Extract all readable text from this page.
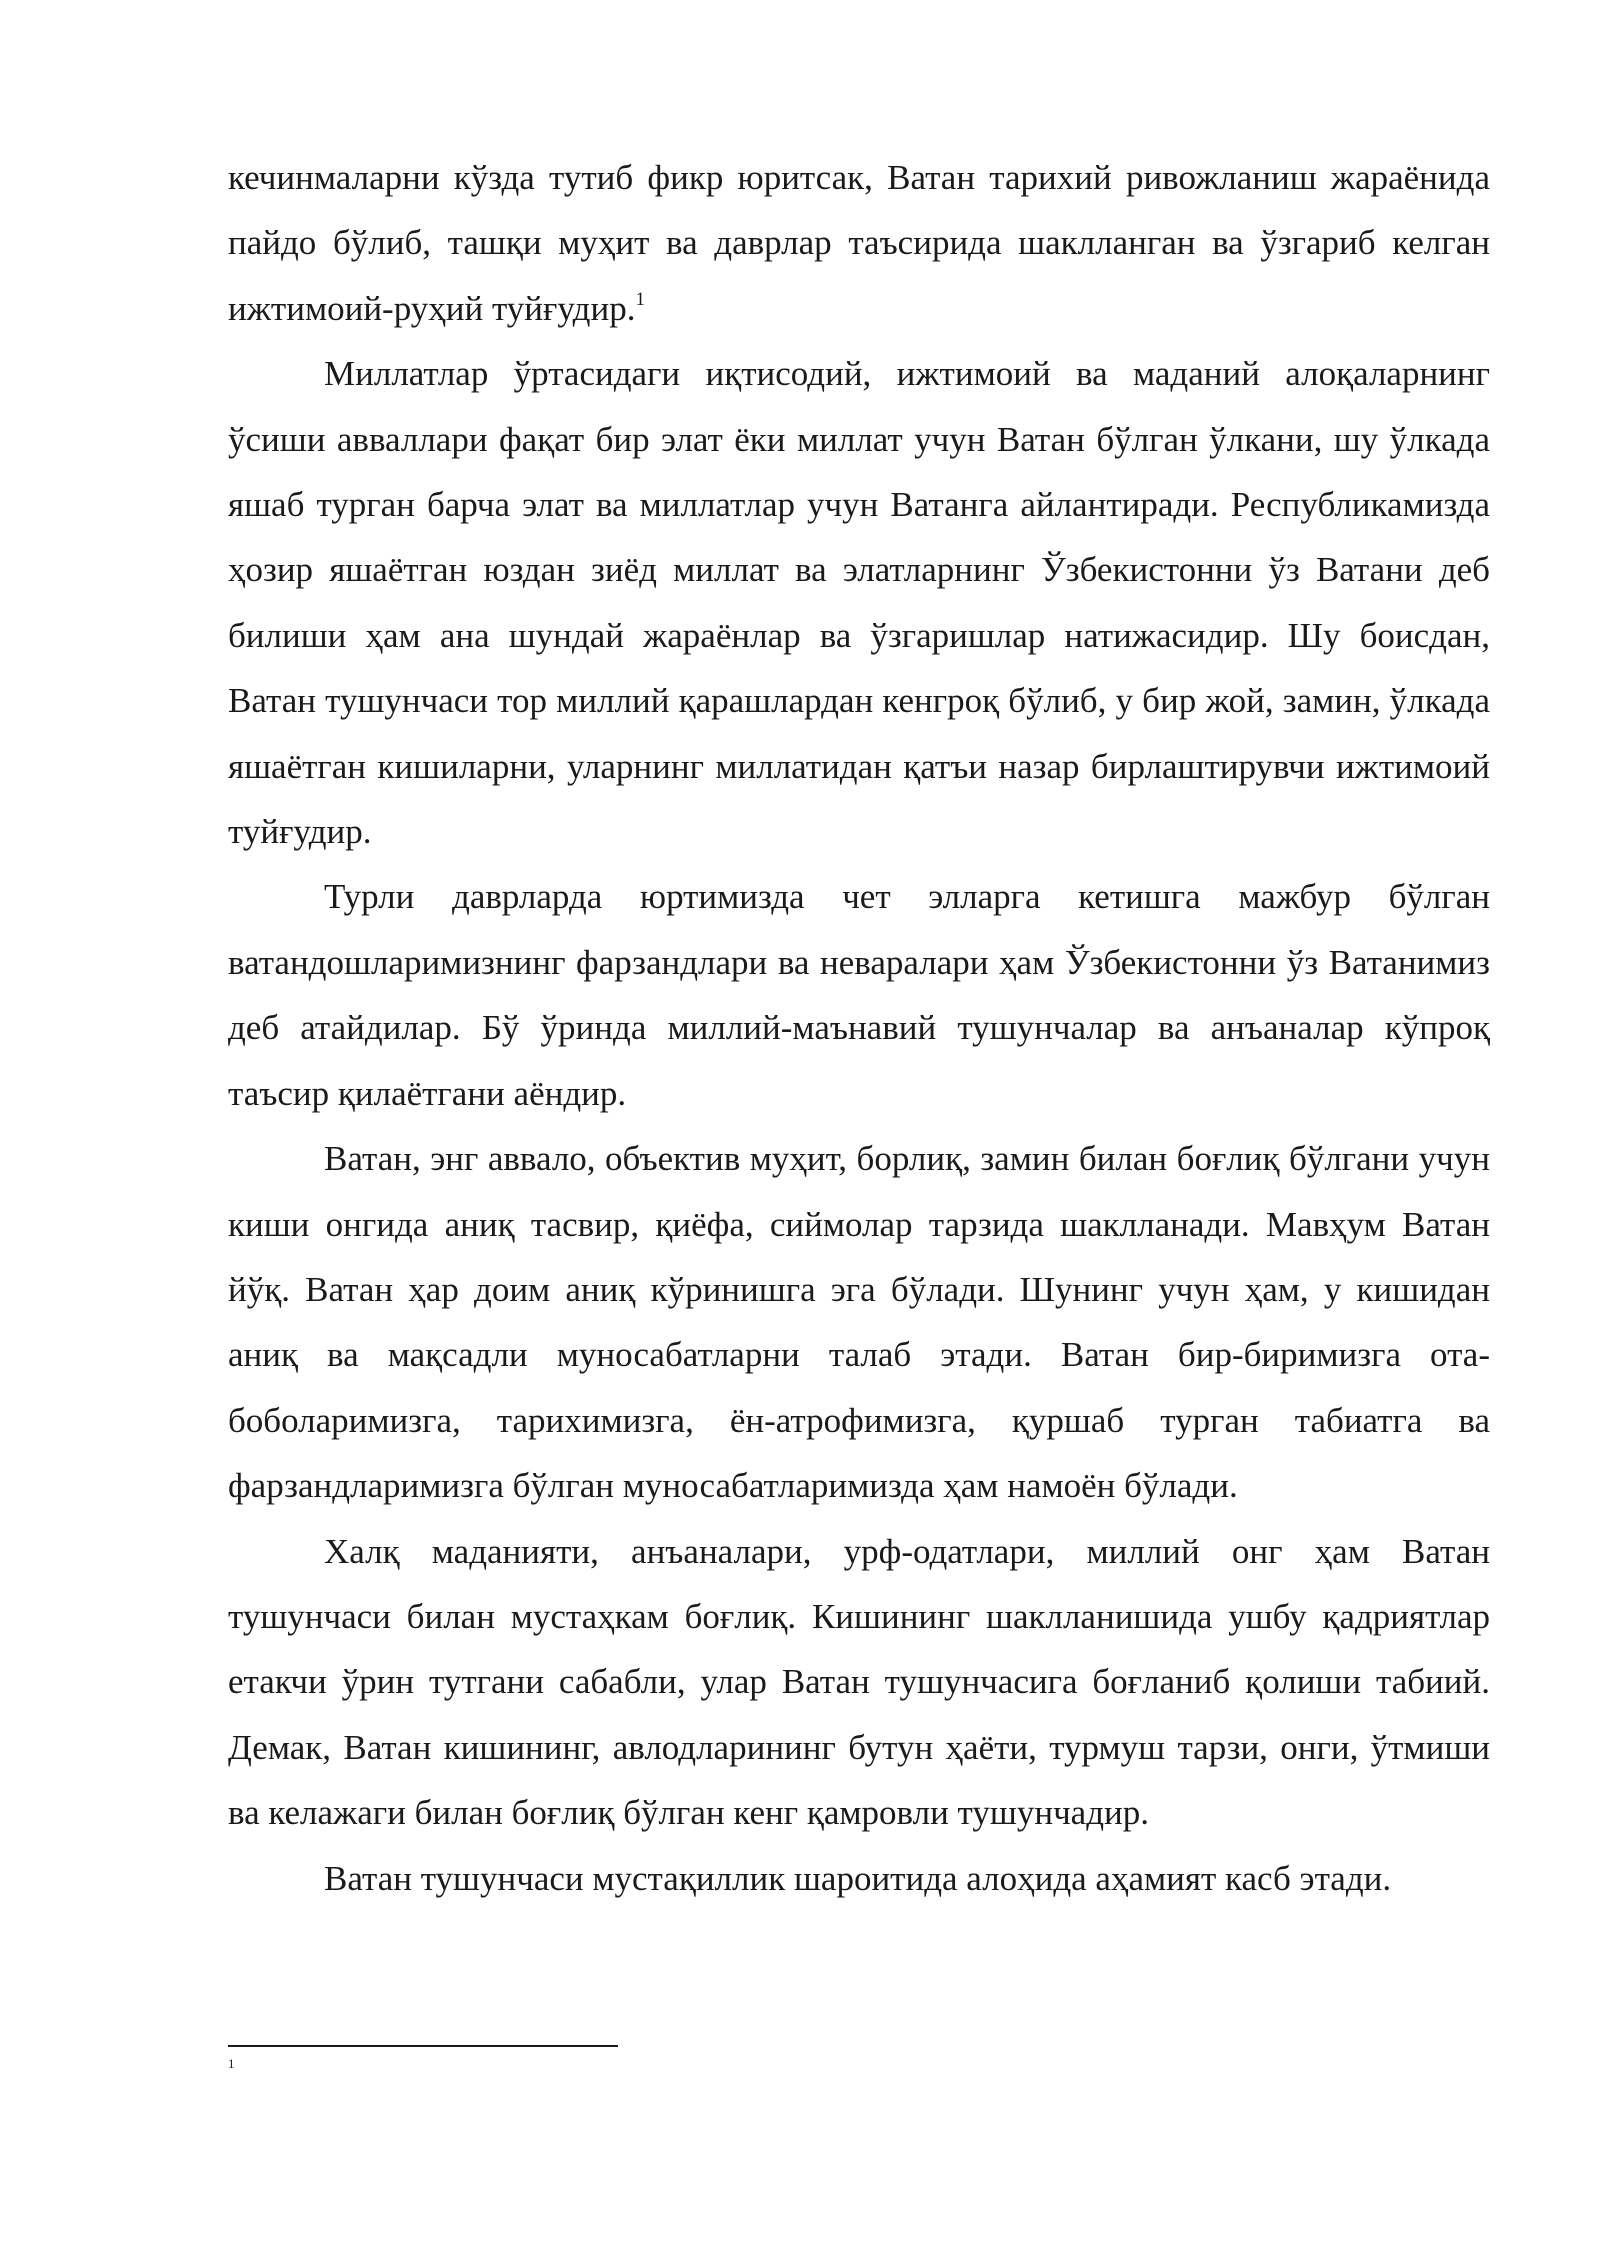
кечинмаларни кўзда тутиб фикр юритсак, Ватан тарихий ривожланиш жараёнида пайдо бўлиб, ташқи муҳит ва даврлар таъсирида шаклланган ва ўзгариб келган ижтимоий-руҳий туйғудир.$^1$

Миллатлар ўртасидаги иқтисодий, ижтимоий ва маданий алоқаларнинг ўсиши авваллари фақат бир элат ёки миллат учун Ватан бўлган ўлкани, шу ўлкада яшаб турган барча элат ва миллатлар учун Ватанга айлантиради. Республикамизда ҳозир яшаётган юздан зиёд миллат ва элатларнинг Ўзбекистонни ўз Ватани деб билиши ҳам ана шундай жараёнлар ва ўзгаришлар натижасидир. Шу боисдан, Ватан тушунчаси тор миллий қарашлардан кенгроқ бўлиб, у бир жой, замин, ўлкада яшаётган кишиларни, уларнинг миллатидан қатъи назар бирлаштирувчи ижтимоий туйғудир.

Турли даврларда юртимизда чет элларга кетишга мажбур бўлган ватандошларимизнинг фарзандлари ва неваралари ҳам Ўзбекистонни ўз Ватанимиз деб атайдилар. Бў ўринда миллий-маънавий тушунчалар ва анъаналар кўпроқ таъсир қилаётгани аёндир.

Ватан, энг аввало, объектив муҳит, борлиқ, замин билан боғлиқ бўлгани учун киши онгида аниқ тасвир, қиёфа, сиймолар тарзида шаклланади. Мавҳум Ватан йўқ. Ватан ҳар доим аниқ кўринишга эга бўлади. Шунинг учун ҳам, у кишидан аниқ ва мақсадли муносабатларни талаб этади. Ватан бир-биримизга ота-боболаримизга, тарихимизга, ён-атрофимизга, қуршаб турган табиатга ва фарзандларимизга бўлган муносабатларимизда ҳам намоён бўлади.

Халқ маданияти, анъаналари, урф-одатлари, миллий онг ҳам Ватан тушунчаси билан мустаҳкам боғлиқ. Кишининг шаклланишида ушбу қадриятлар етакчи ўрин тутгани сабабли, улар Ватан тушунчасига боғланиб қолиши табиий. Демак, Ватан кишининг, авлодларининг бутун ҳаёти, турмуш тарзи, онги, ўтмиши ва келажаги билан боғлиқ бўлган кенг қамровли тушунчадир.

Ватан тушунчаси мустақиллик шароитида алоҳида аҳамият касб этади.

1
